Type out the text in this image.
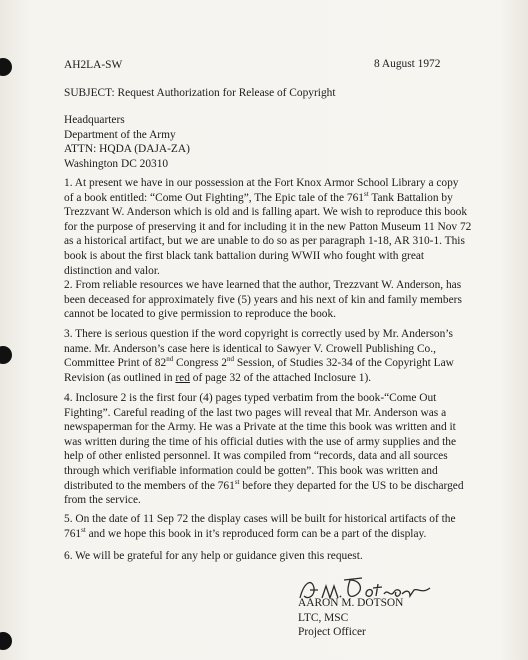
AH2LA-SW	8 August 1972
SUBJECT: Request Authorization for Release of Copyright
Headquarters
Department of the Army
ATTN: HQDA (DAJA-ZA)
Washington DC 20310
1. At present we have in our possession at the Fort Knox Armor School Library a copy
of a book entitled: “Come Out Fighting”, The Epic tale of the 761st Tank Battalion by
Trezzvant W. Anderson which is old and is falling apart. We wish to reproduce this book
for the purpose of preserving it and for including it in the new Patton Museum 11 Nov 72
as a historical artifact, but we are unable to do so as per paragraph 1-18, AR 310-1. This
book is about the first black tank battalion during WWII who fought with great
distinction and valor.
2. From reliable resources we have learned that the author, Trezzvant W. Anderson, has
been deceased for approximately five (5) years and his next of kin and family members
cannot be located to give permission to reproduce the book.
3. There is serious question if the word copyright is correctly used by Mr. Anderson’s
name. Mr. Anderson’s case here is identical to Sawyer V. Crowell Publishing Co.,
Committee Print of 82nd Congress 2nd Session, of Studies 32-34 of the Copyright Law
Revision (as outlined in red of page 32 of the attached Inclosure 1).
4. Inclosure 2 is the first four (4) pages typed verbatim from the book-“Come Out
Fighting”. Careful reading of the last two pages will reveal that Mr. Anderson was a
newspaperman for the Army. He was a Private at the time this book was written and it
was written during the time of his official duties with the use of army supplies and the
help of other enlisted personnel. It was compiled from “records, data and all sources
through which verifiable information could be gotten”. This book was written and
distributed to the members of the 761st before they departed for the US to be discharged
from the service.
5. On the date of 11 Sep 72 the display cases will be built for historical artifacts of the
761st and we hope this book in it’s reproduced form can be a part of the display.
6. We will be grateful for any help or guidance given this request.
AARON M. DOTSON
LTC, MSC
Project Officer
